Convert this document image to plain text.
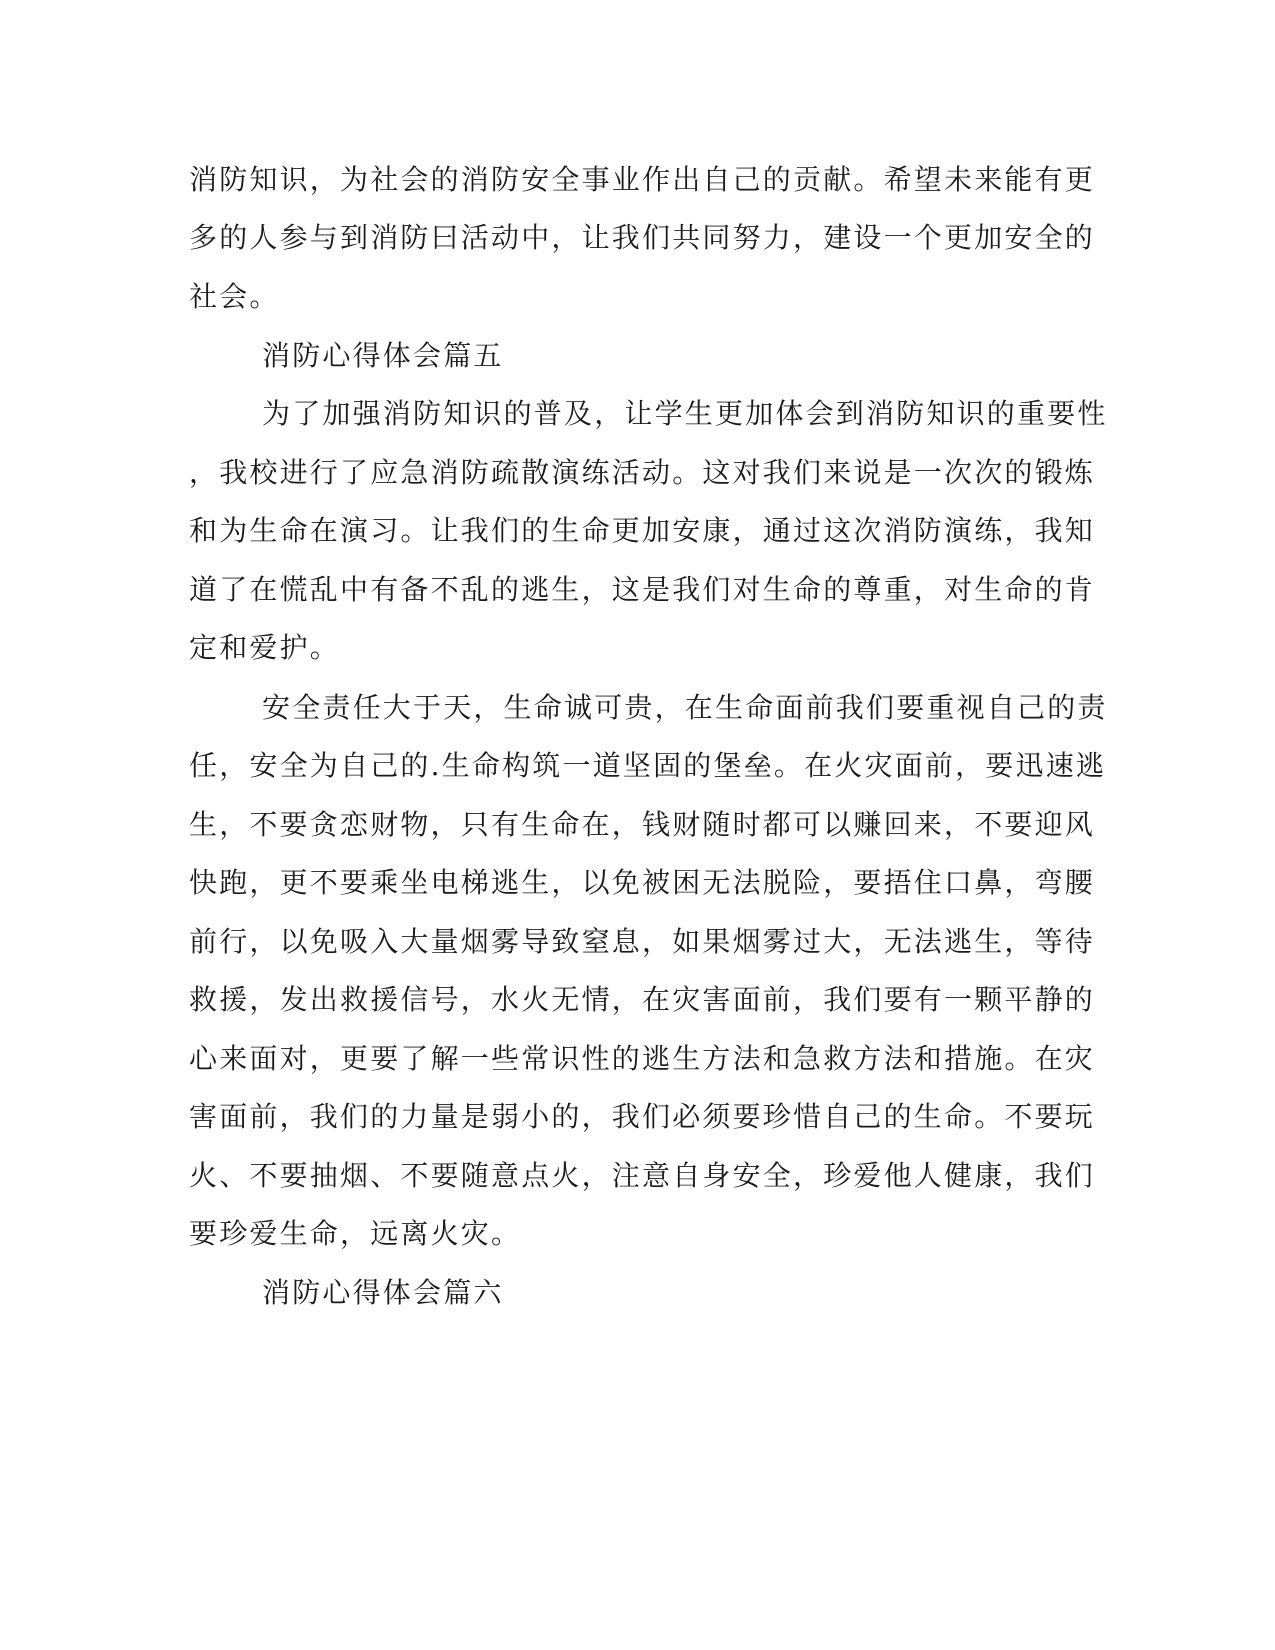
消防知识，为社会的消防安全事业作出自己的贡献。希望未来能有更
多的人参与到消防曰活动中，让我们共同努力，建设一个更加安全的
社会。
消防心得体会篇五
为了加强消防知识的普及，让学生更加体会到消防知识的重要性
，我校进行了应急消防疏散演练活动。这对我们来说是一次次的锻炼
和为生命在演习。让我们的生命更加安康，通过这次消防演练，我知
道了在慌乱中有备不乱的逃生，这是我们对生命的尊重，对生命的肯
定和爱护。
安全责任大于天，生命诚可贵，在生命面前我们要重视自己的责
任，安全为自己的.生命构筑一道坚固的堡垒。在火灾面前，要迅速逃
生，不要贪恋财物，只有生命在，钱财随时都可以赚回来，不要迎风
快跑，更不要乘坐电梯逃生，以免被困无法脱险，要捂住口鼻，弯腰
前行，以免吸入大量烟雾导致窒息，如果烟雾过大，无法逃生，等待
救援，发出救援信号，水火无情，在灾害面前，我们要有一颗平静的
心来面对，更要了解一些常识性的逃生方法和急救方法和措施。在灾
害面前，我们的力量是弱小的，我们必须要珍惜自己的生命。不要玩
火、不要抽烟、不要随意点火，注意自身安全，珍爱他人健康，我们
要珍爱生命，远离火灾。
消防心得体会篇六
